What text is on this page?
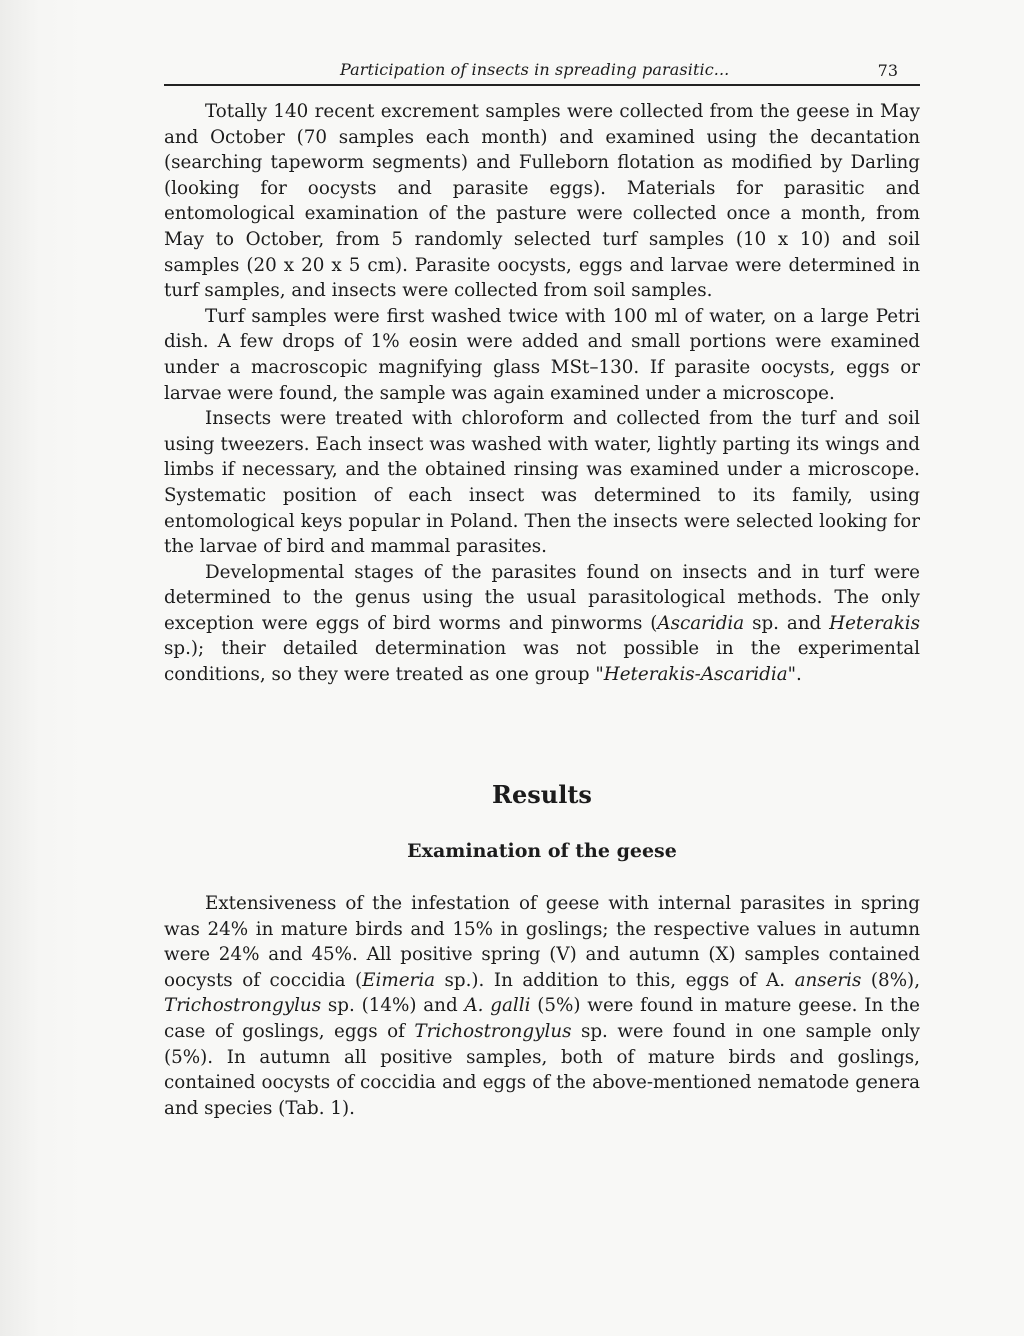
Participation of insects in spreading parasitic...	73

Totally 140 recent excrement samples were collected from the geese in May and October (70 samples each month) and examined using the decantation (searching tapeworm segments) and Fulleborn flotation as modified by Darling (looking for oocysts and parasite eggs). Materials for parasitic and entomological examination of the pasture were collected once a month, from May to October, from 5 randomly selected turf samples (10 x 10) and soil samples (20 x 20 x 5 cm). Parasite oocysts, eggs and larvae were determined in turf samples, and insects were collected from soil samples.

Turf samples were first washed twice with 100 ml of water, on a large Petri dish. A few drops of 1% eosin were added and small portions were examined under a macroscopic magnifying glass MSt–130. If parasite oocysts, eggs or larvae were found, the sample was again examined under a microscope.

Insects were treated with chloroform and collected from the turf and soil using tweezers. Each insect was washed with water, lightly parting its wings and limbs if necessary, and the obtained rinsing was examined under a microscope. Systematic position of each insect was determined to its family, using entomological keys popular in Poland. Then the insects were selected looking for the larvae of bird and mammal parasites.

Developmental stages of the parasites found on insects and in turf were determined to the genus using the usual parasitological methods. The only exception were eggs of bird worms and pinworms (Ascaridia sp. and Heterakis sp.); their detailed determination was not possible in the experimental conditions, so they were treated as one group "Heterakis-Ascaridia".

Results
Examination of the geese

Extensiveness of the infestation of geese with internal parasites in spring was 24% in mature birds and 15% in goslings; the respective values in autumn were 24% and 45%. All positive spring (V) and autumn (X) samples contained oocysts of coccidia (Eimeria sp.). In addition to this, eggs of A. anseris (8%), Trichostrongylus sp. (14%) and A. galli (5%) were found in mature geese. In the case of goslings, eggs of Trichostrongylus sp. were found in one sample only (5%). In autumn all positive samples, both of mature birds and goslings, contained oocysts of coccidia and eggs of the above-mentioned nematode genera and species (Tab. 1).
